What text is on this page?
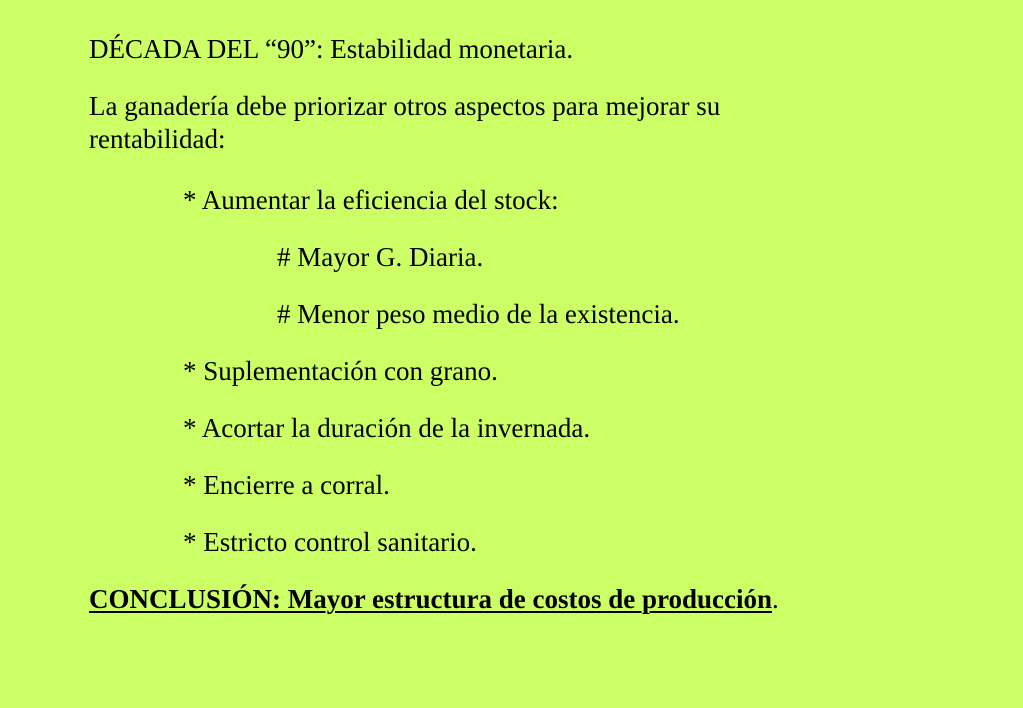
DÉCADA DEL “90”: Estabilidad monetaria.
La ganadería debe priorizar otros aspectos para mejorar su rentabilidad:
* Aumentar la eficiencia del stock:
# Mayor G. Diaria.
# Menor peso medio de la existencia.
* Suplementación con grano.
* Acortar la duración de la invernada.
* Encierre a corral.
* Estricto control sanitario.
CONCLUSIÓN: Mayor estructura de costos de producción.
